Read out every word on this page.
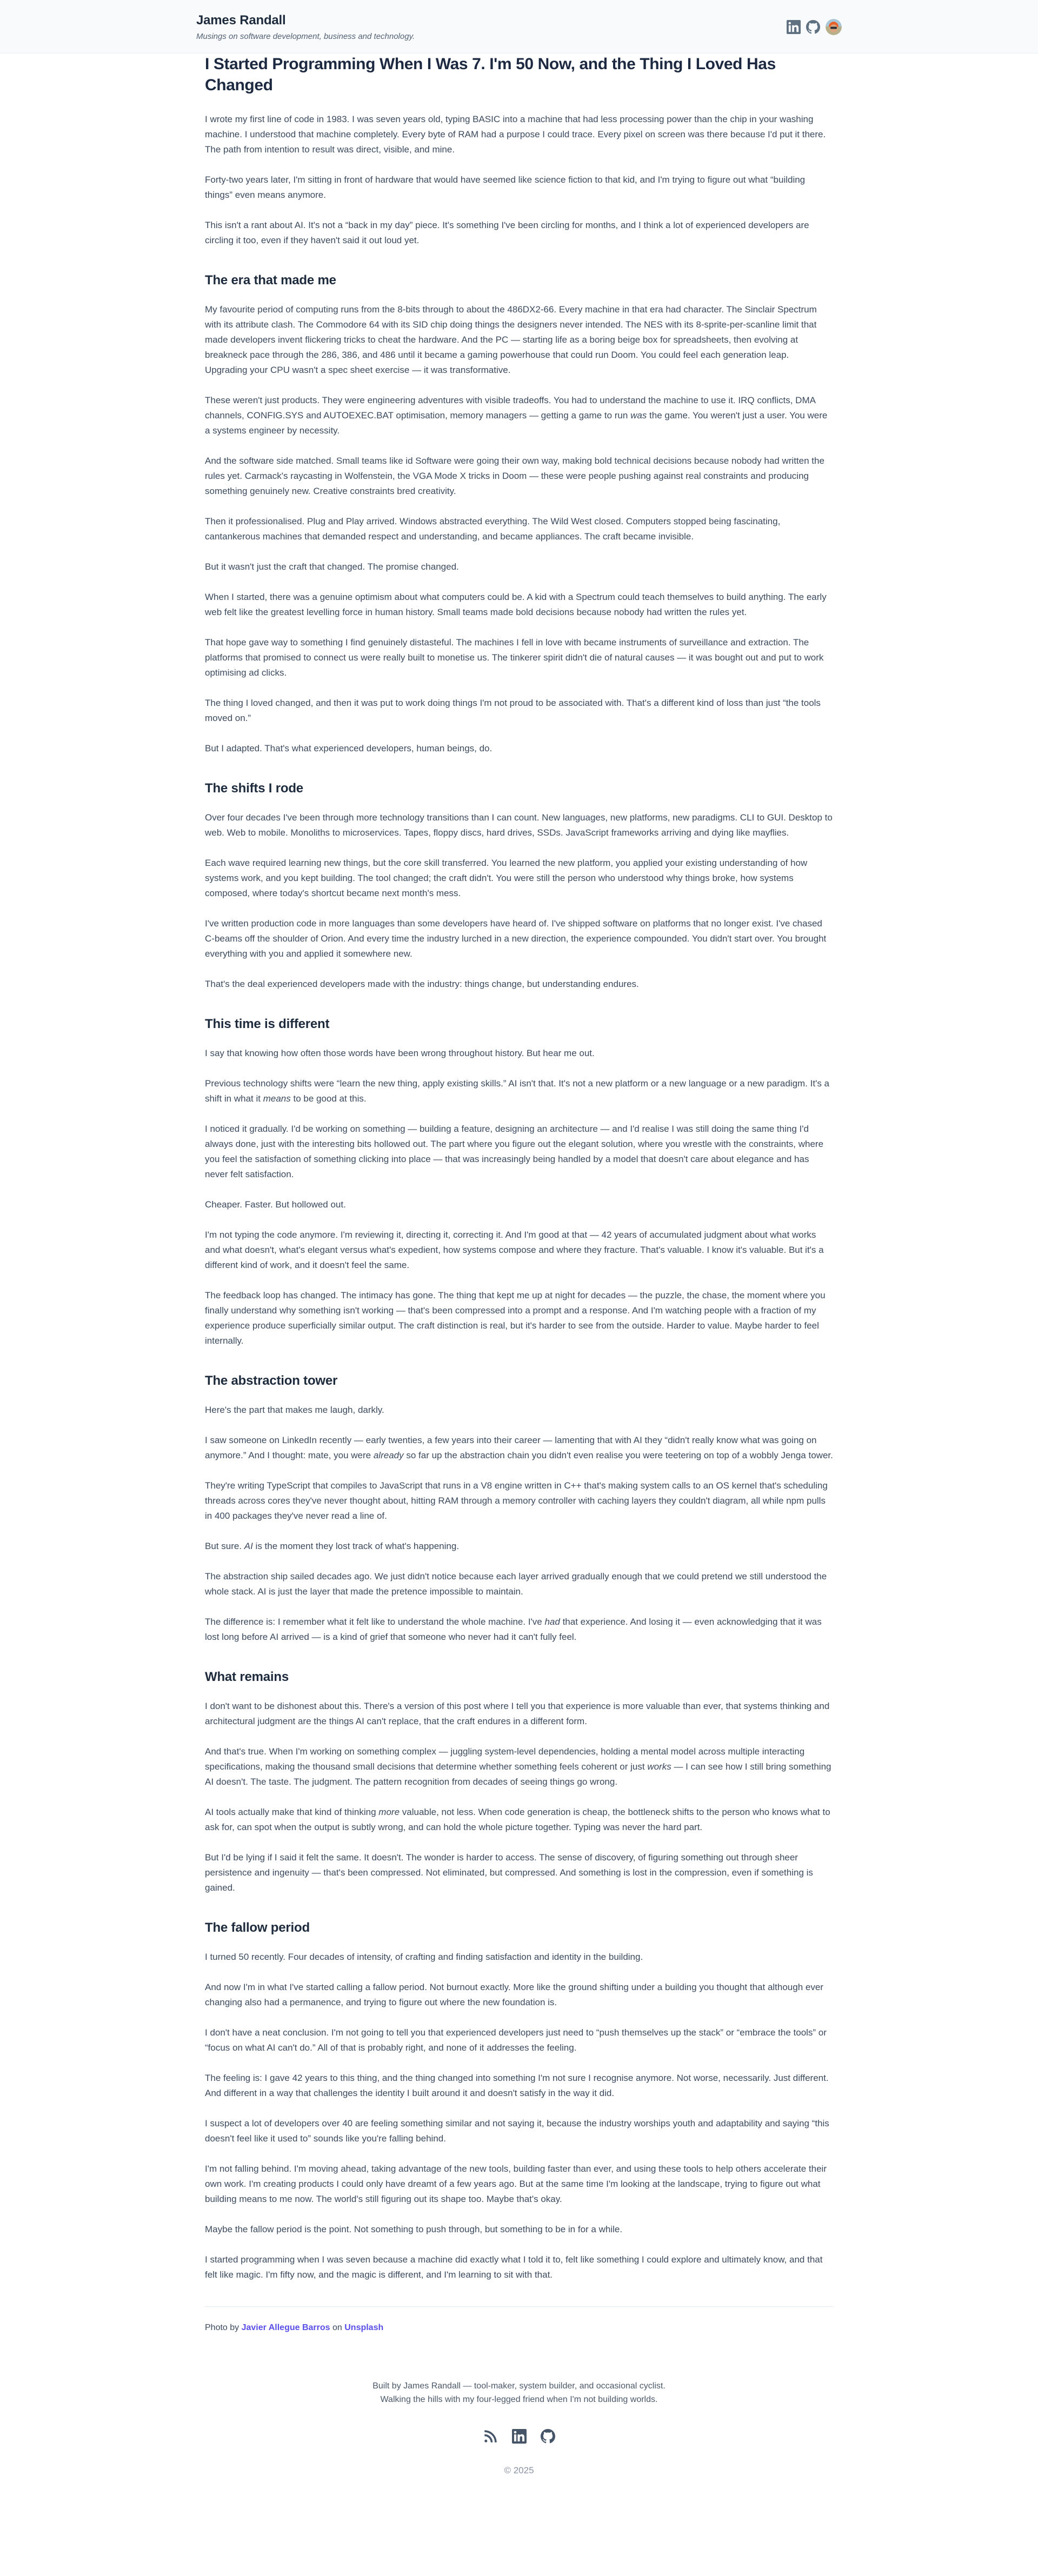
James Randall
Musings on software development, business and technology.
I Started Programming When I Was 7. I'm 50 Now, and the Thing I Loved Has Changed

I wrote my first line of code in 1983. I was seven years old, typing BASIC into a machine that had less processing power than the chip in your washing machine. I understood that machine completely. Every byte of RAM had a purpose I could trace. Every pixel on screen was there because I'd put it there. The path from intention to result was direct, visible, and mine.

Forty-two years later, I'm sitting in front of hardware that would have seemed like science fiction to that kid, and I'm trying to figure out what “building things” even means anymore.

This isn't a rant about AI. It's not a “back in my day” piece. It's something I've been circling for months, and I think a lot of experienced developers are circling it too, even if they haven't said it out loud yet.

The era that made me

My favourite period of computing runs from the 8-bits through to about the 486DX2-66. Every machine in that era had character. The Sinclair Spectrum with its attribute clash. The Commodore 64 with its SID chip doing things the designers never intended. The NES with its 8-sprite-per-scanline limit that made developers invent flickering tricks to cheat the hardware. And the PC — starting life as a boring beige box for spreadsheets, then evolving at breakneck pace through the 286, 386, and 486 until it became a gaming powerhouse that could run Doom. You could feel each generation leap. Upgrading your CPU wasn't a spec sheet exercise — it was transformative.

These weren't just products. They were engineering adventures with visible tradeoffs. You had to understand the machine to use it. IRQ conflicts, DMA channels, CONFIG.SYS and AUTOEXEC.BAT optimisation, memory managers — getting a game to run was the game. You weren't just a user. You were a systems engineer by necessity.

And the software side matched. Small teams like id Software were going their own way, making bold technical decisions because nobody had written the rules yet. Carmack's raycasting in Wolfenstein, the VGA Mode X tricks in Doom — these were people pushing against real constraints and producing something genuinely new. Creative constraints bred creativity.

Then it professionalised. Plug and Play arrived. Windows abstracted everything. The Wild West closed. Computers stopped being fascinating, cantankerous machines that demanded respect and understanding, and became appliances. The craft became invisible.

But it wasn't just the craft that changed. The promise changed.

When I started, there was a genuine optimism about what computers could be. A kid with a Spectrum could teach themselves to build anything. The early web felt like the greatest levelling force in human history. Small teams made bold decisions because nobody had written the rules yet.

That hope gave way to something I find genuinely distasteful. The machines I fell in love with became instruments of surveillance and extraction. The platforms that promised to connect us were really built to monetise us. The tinkerer spirit didn't die of natural causes — it was bought out and put to work optimising ad clicks.

The thing I loved changed, and then it was put to work doing things I'm not proud to be associated with. That's a different kind of loss than just “the tools moved on.”

But I adapted. That's what experienced developers, human beings, do.

The shifts I rode

Over four decades I've been through more technology transitions than I can count. New languages, new platforms, new paradigms. CLI to GUI. Desktop to web. Web to mobile. Monoliths to microservices. Tapes, floppy discs, hard drives, SSDs. JavaScript frameworks arriving and dying like mayflies.

Each wave required learning new things, but the core skill transferred. You learned the new platform, you applied your existing understanding of how systems work, and you kept building. The tool changed; the craft didn't. You were still the person who understood why things broke, how systems composed, where today's shortcut became next month's mess.

I've written production code in more languages than some developers have heard of. I've shipped software on platforms that no longer exist. I've chased C-beams off the shoulder of Orion. And every time the industry lurched in a new direction, the experience compounded. You didn't start over. You brought everything with you and applied it somewhere new.

That's the deal experienced developers made with the industry: things change, but understanding endures.

This time is different

I say that knowing how often those words have been wrong throughout history. But hear me out.

Previous technology shifts were “learn the new thing, apply existing skills.” AI isn't that. It's not a new platform or a new language or a new paradigm. It's a shift in what it means to be good at this.

I noticed it gradually. I'd be working on something — building a feature, designing an architecture — and I'd realise I was still doing the same thing I'd always done, just with the interesting bits hollowed out. The part where you figure out the elegant solution, where you wrestle with the constraints, where you feel the satisfaction of something clicking into place — that was increasingly being handled by a model that doesn't care about elegance and has never felt satisfaction.

Cheaper. Faster. But hollowed out.

I'm not typing the code anymore. I'm reviewing it, directing it, correcting it. And I'm good at that — 42 years of accumulated judgment about what works and what doesn't, what's elegant versus what's expedient, how systems compose and where they fracture. That's valuable. I know it's valuable. But it's a different kind of work, and it doesn't feel the same.

The feedback loop has changed. The intimacy has gone. The thing that kept me up at night for decades — the puzzle, the chase, the moment where you finally understand why something isn't working — that's been compressed into a prompt and a response. And I'm watching people with a fraction of my experience produce superficially similar output. The craft distinction is real, but it's harder to see from the outside. Harder to value. Maybe harder to feel internally.

The abstraction tower

Here's the part that makes me laugh, darkly.

I saw someone on LinkedIn recently — early twenties, a few years into their career — lamenting that with AI they “didn't really know what was going on anymore.” And I thought: mate, you were already so far up the abstraction chain you didn't even realise you were teetering on top of a wobbly Jenga tower.

They're writing TypeScript that compiles to JavaScript that runs in a V8 engine written in C++ that's making system calls to an OS kernel that's scheduling threads across cores they've never thought about, hitting RAM through a memory controller with caching layers they couldn't diagram, all while npm pulls in 400 packages they've never read a line of.

But sure. AI is the moment they lost track of what's happening.

The abstraction ship sailed decades ago. We just didn't notice because each layer arrived gradually enough that we could pretend we still understood the whole stack. AI is just the layer that made the pretence impossible to maintain.

The difference is: I remember what it felt like to understand the whole machine. I've had that experience. And losing it — even acknowledging that it was lost long before AI arrived — is a kind of grief that someone who never had it can't fully feel.

What remains

I don't want to be dishonest about this. There's a version of this post where I tell you that experience is more valuable than ever, that systems thinking and architectural judgment are the things AI can't replace, that the craft endures in a different form.

And that's true. When I'm working on something complex — juggling system-level dependencies, holding a mental model across multiple interacting specifications, making the thousand small decisions that determine whether something feels coherent or just works — I can see how I still bring something AI doesn't. The taste. The judgment. The pattern recognition from decades of seeing things go wrong.

AI tools actually make that kind of thinking more valuable, not less. When code generation is cheap, the bottleneck shifts to the person who knows what to ask for, can spot when the output is subtly wrong, and can hold the whole picture together. Typing was never the hard part.

But I'd be lying if I said it felt the same. It doesn't. The wonder is harder to access. The sense of discovery, of figuring something out through sheer persistence and ingenuity — that's been compressed. Not eliminated, but compressed. And something is lost in the compression, even if something is gained.

The fallow period

I turned 50 recently. Four decades of intensity, of crafting and finding satisfaction and identity in the building.

And now I'm in what I've started calling a fallow period. Not burnout exactly. More like the ground shifting under a building you thought that although ever changing also had a permanence, and trying to figure out where the new foundation is.

I don't have a neat conclusion. I'm not going to tell you that experienced developers just need to “push themselves up the stack” or “embrace the tools” or “focus on what AI can't do.” All of that is probably right, and none of it addresses the feeling.

The feeling is: I gave 42 years to this thing, and the thing changed into something I'm not sure I recognise anymore. Not worse, necessarily. Just different. And different in a way that challenges the identity I built around it and doesn't satisfy in the way it did.

I suspect a lot of developers over 40 are feeling something similar and not saying it, because the industry worships youth and adaptability and saying “this doesn't feel like it used to” sounds like you're falling behind.

I'm not falling behind. I'm moving ahead, taking advantage of the new tools, building faster than ever, and using these tools to help others accelerate their own work. I'm creating products I could only have dreamt of a few years ago. But at the same time I'm looking at the landscape, trying to figure out what building means to me now. The world's still figuring out its shape too. Maybe that's okay.

Maybe the fallow period is the point. Not something to push through, but something to be in for a while.

I started programming when I was seven because a machine did exactly what I told it to, felt like something I could explore and ultimately know, and that felt like magic. I'm fifty now, and the magic is different, and I'm learning to sit with that.

Photo by Javier Allegue Barros on Unsplash

Built by James Randall — tool-maker, system builder, and occasional cyclist.

Walking the hills with my four-legged friend when I'm not building worlds.

© 2025
